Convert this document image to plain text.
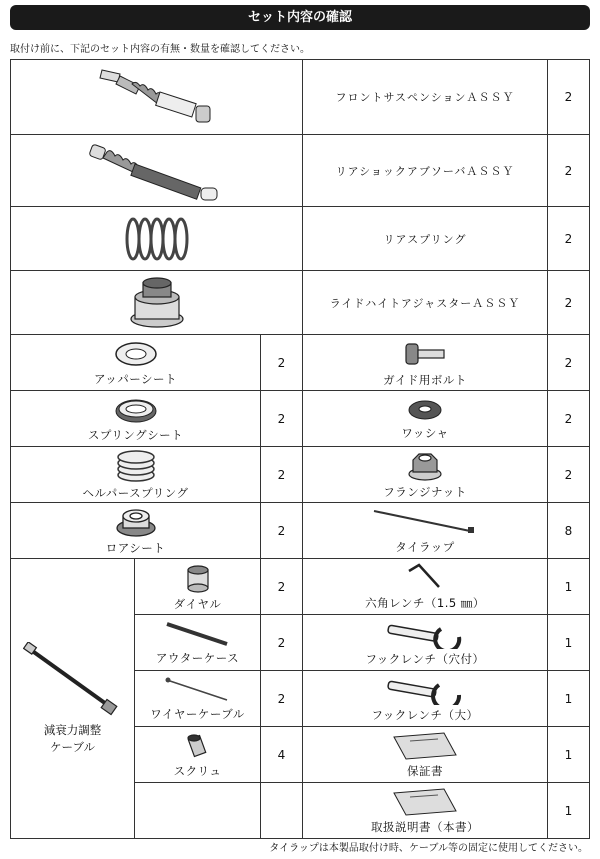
セット内容の確認
取付け前に、下記のセット内容の有無・数量を確認してください。
	フロントサスペンションＡＳＳＹ	2

	リアショックアブソーバＡＳＳＹ	2

	リアスプリング	2

	ライドハイトアジャスターＡＳＳＹ	2

アッパーシート		2	ガイド用ボルト	2

スプリングシート		2	ワッシャ	2

ヘルパースプリング		2	フランジナット	2

ロアシート		2	タイラップ	8

減衰力調整
ケーブル	ダイヤル	2	六角レンチ（1.5 ㎜）	1

	アウターケース	2	フックレンチ（穴付）	1

	ワイヤーケーブル	2	フックレンチ（大）	1

	スクリュ	4	保証書	1

			取扱説明書（本書）	1
タイラップは本製品取付け時、ケーブル等の固定に使用してください。
